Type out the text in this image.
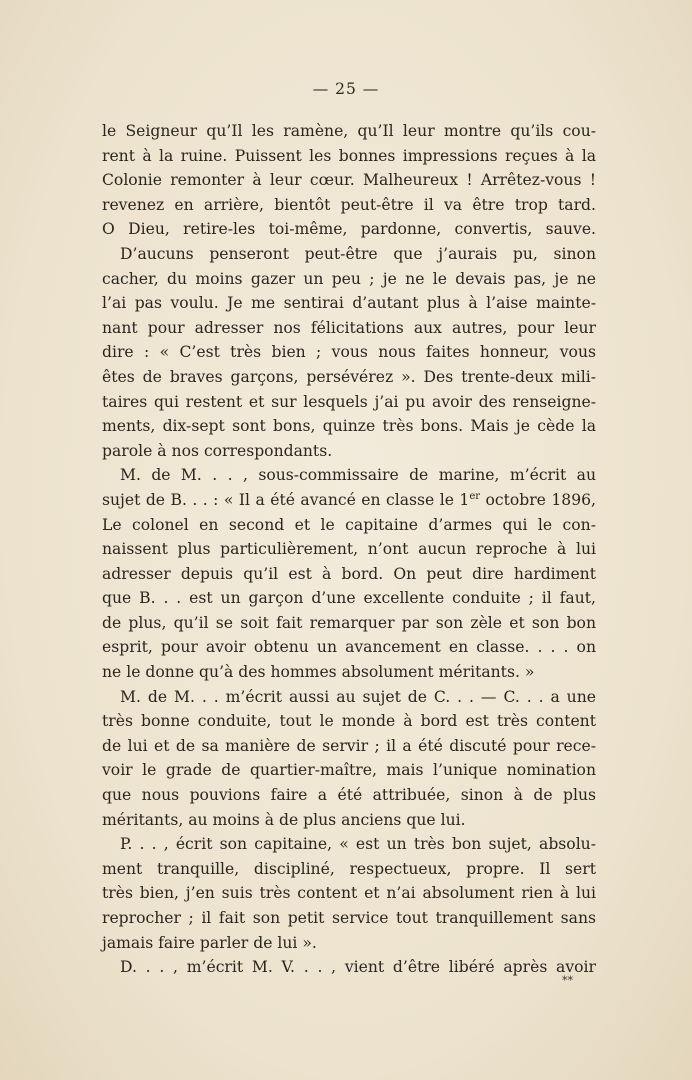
— 25 —
le Seigneur qu’Il les ramène, qu’Il leur montre qu’ils cou-
rent à la ruine. Puissent les bonnes impressions reçues à la
Colonie remonter à leur cœur. Malheureux ! Arrêtez-vous !
revenez en arrière, bientôt peut-être il va être trop tard.
O Dieu, retire-les toi-même, pardonne, convertis, sauve.
D’aucuns penseront peut-être que j’aurais pu, sinon
cacher, du moins gazer un peu ; je ne le devais pas, je ne
l’ai pas voulu. Je me sentirai d’autant plus à l’aise mainte-
nant pour adresser nos félicitations aux autres, pour leur
dire : « C’est très bien ; vous nous faites honneur, vous
êtes de braves garçons, persévérez ». Des trente-deux mili-
taires qui restent et sur lesquels j’ai pu avoir des renseigne-
ments, dix-sept sont bons, quinze très bons. Mais je cède la
parole à nos correspondants.
M. de M. . . , sous-commissaire de marine, m’écrit au
sujet de B. . . : « Il a été avancé en classe le 1er octobre 1896,
Le colonel en second et le capitaine d’armes qui le con-
naissent plus particulièrement, n’ont aucun reproche à lui
adresser depuis qu’il est à bord. On peut dire hardiment
que B. . . est un garçon d’une excellente conduite ; il faut,
de plus, qu’il se soit fait remarquer par son zèle et son bon
esprit, pour avoir obtenu un avancement en classe. . . . on
ne le donne qu’à des hommes absolument méritants. »
M. de M. . . m’écrit aussi au sujet de C. . . — C. . . a une
très bonne conduite, tout le monde à bord est très content
de lui et de sa manière de servir ; il a été discuté pour rece-
voir le grade de quartier-maître, mais l’unique nomination
que nous pouvions faire a été attribuée, sinon à de plus
méritants, au moins à de plus anciens que lui.
P. . . , écrit son capitaine, « est un très bon sujet, absolu-
ment tranquille, discipliné, respectueux, propre. Il sert
très bien, j’en suis très content et n’ai absolument rien à lui
reprocher ; il fait son petit service tout tranquillement sans
jamais faire parler de lui ».
D. . . , m’écrit M. V. . . , vient d’être libéré après avoir
**
